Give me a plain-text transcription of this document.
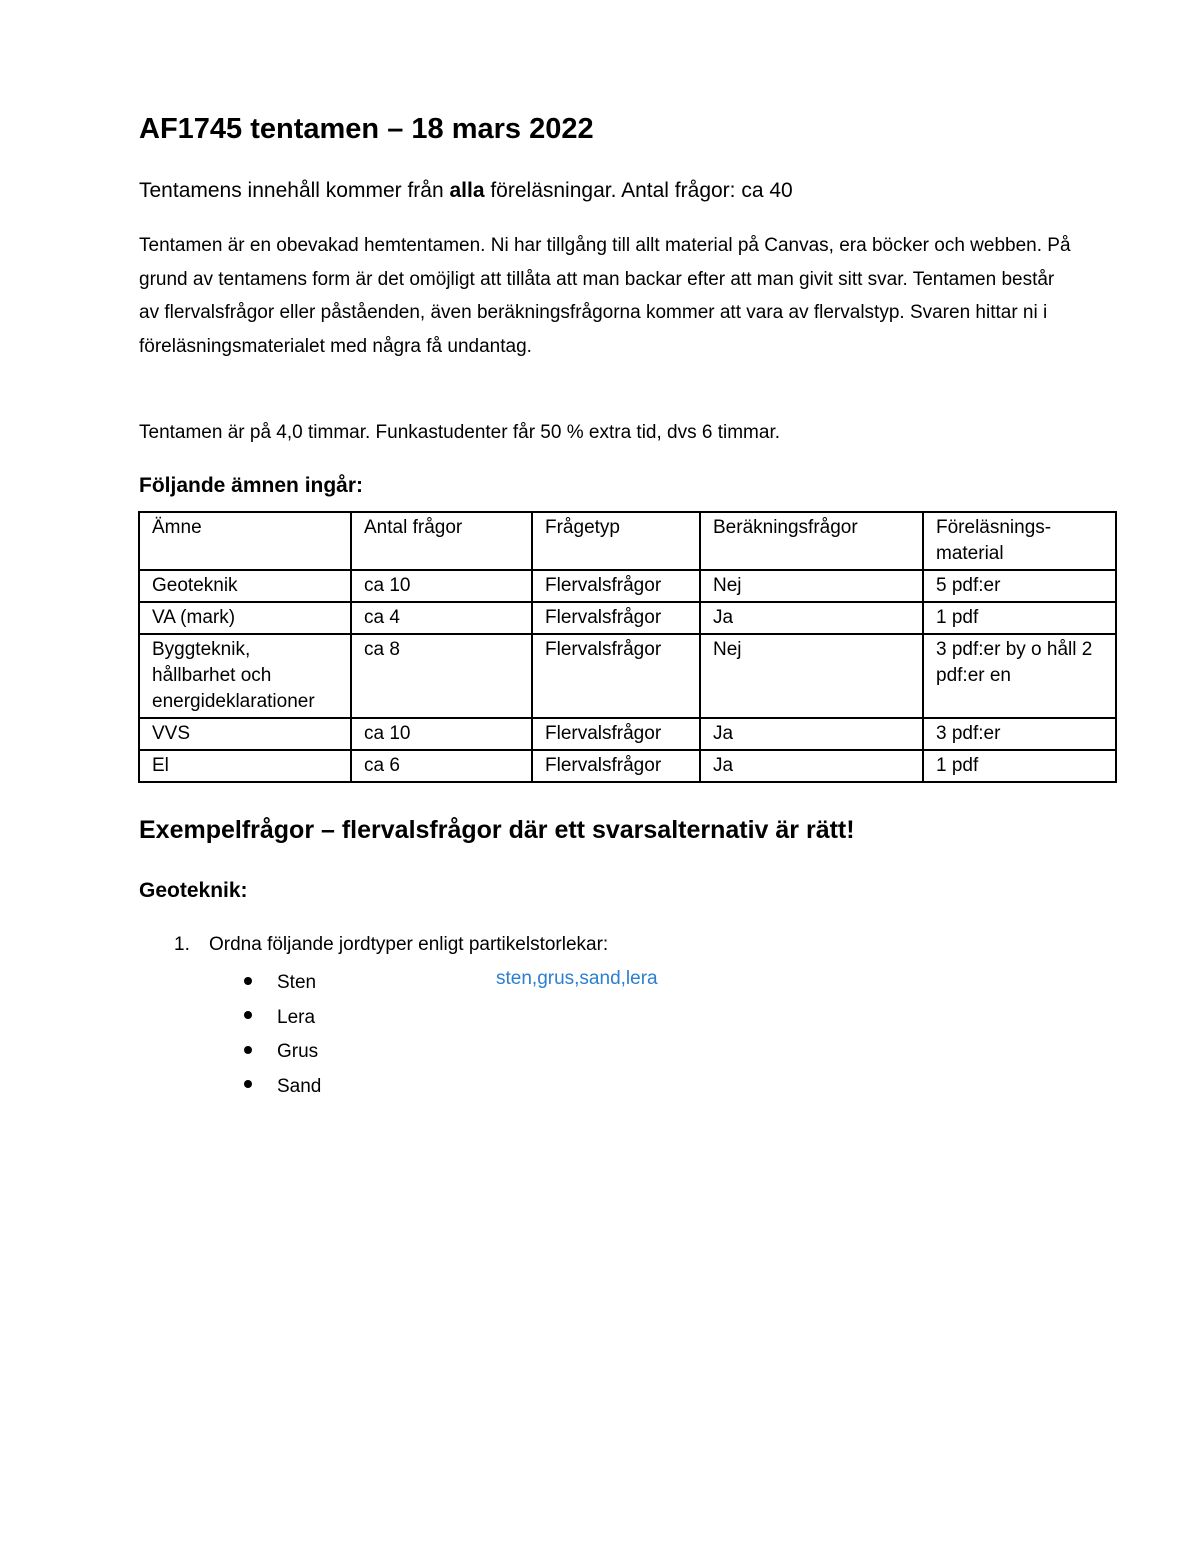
AF1745 tentamen – 18 mars 2022

Tentamens innehåll kommer från alla föreläsningar. Antal frågor: ca 40

Tentamen är en obevakad hemtentamen. Ni har tillgång till allt material på Canvas, era böcker och webben. På grund av tentamens form är det omöjligt att tillåta att man backar efter att man givit sitt svar. Tentamen består av flervalsfrågor eller påståenden, även beräkningsfrågorna kommer att vara av flervalstyp. Svaren hittar ni i föreläsningsmaterialet med några få undantag.

Tentamen är på 4,0 timmar. Funkastudenter får 50 % extra tid, dvs 6 timmar.

Följande ämnen ingår:
Ämne	Antal frågor	Frågetyp	Beräkningsfrågor	Föreläsnings-material
Geoteknik	ca 10	Flervalsfrågor	Nej	5 pdf:er
VA (mark)	ca 4	Flervalsfrågor	Ja	1 pdf
Byggteknik, hållbarhet och energideklarationer	ca 8	Flervalsfrågor	Nej	3 pdf:er by o håll 2 pdf:er en
VVS	ca 10	Flervalsfrågor	Ja	3 pdf:er
El	ca 6	Flervalsfrågor	Ja	1 pdf
Exempelfrågor – flervalsfrågor där ett svarsalternativ är rätt!
Geoteknik:

1. Ordna följande jordtyper enligt partikelstorlekar:

Sten
Lera
Grus
Sand

sten,grus,sand,lera
